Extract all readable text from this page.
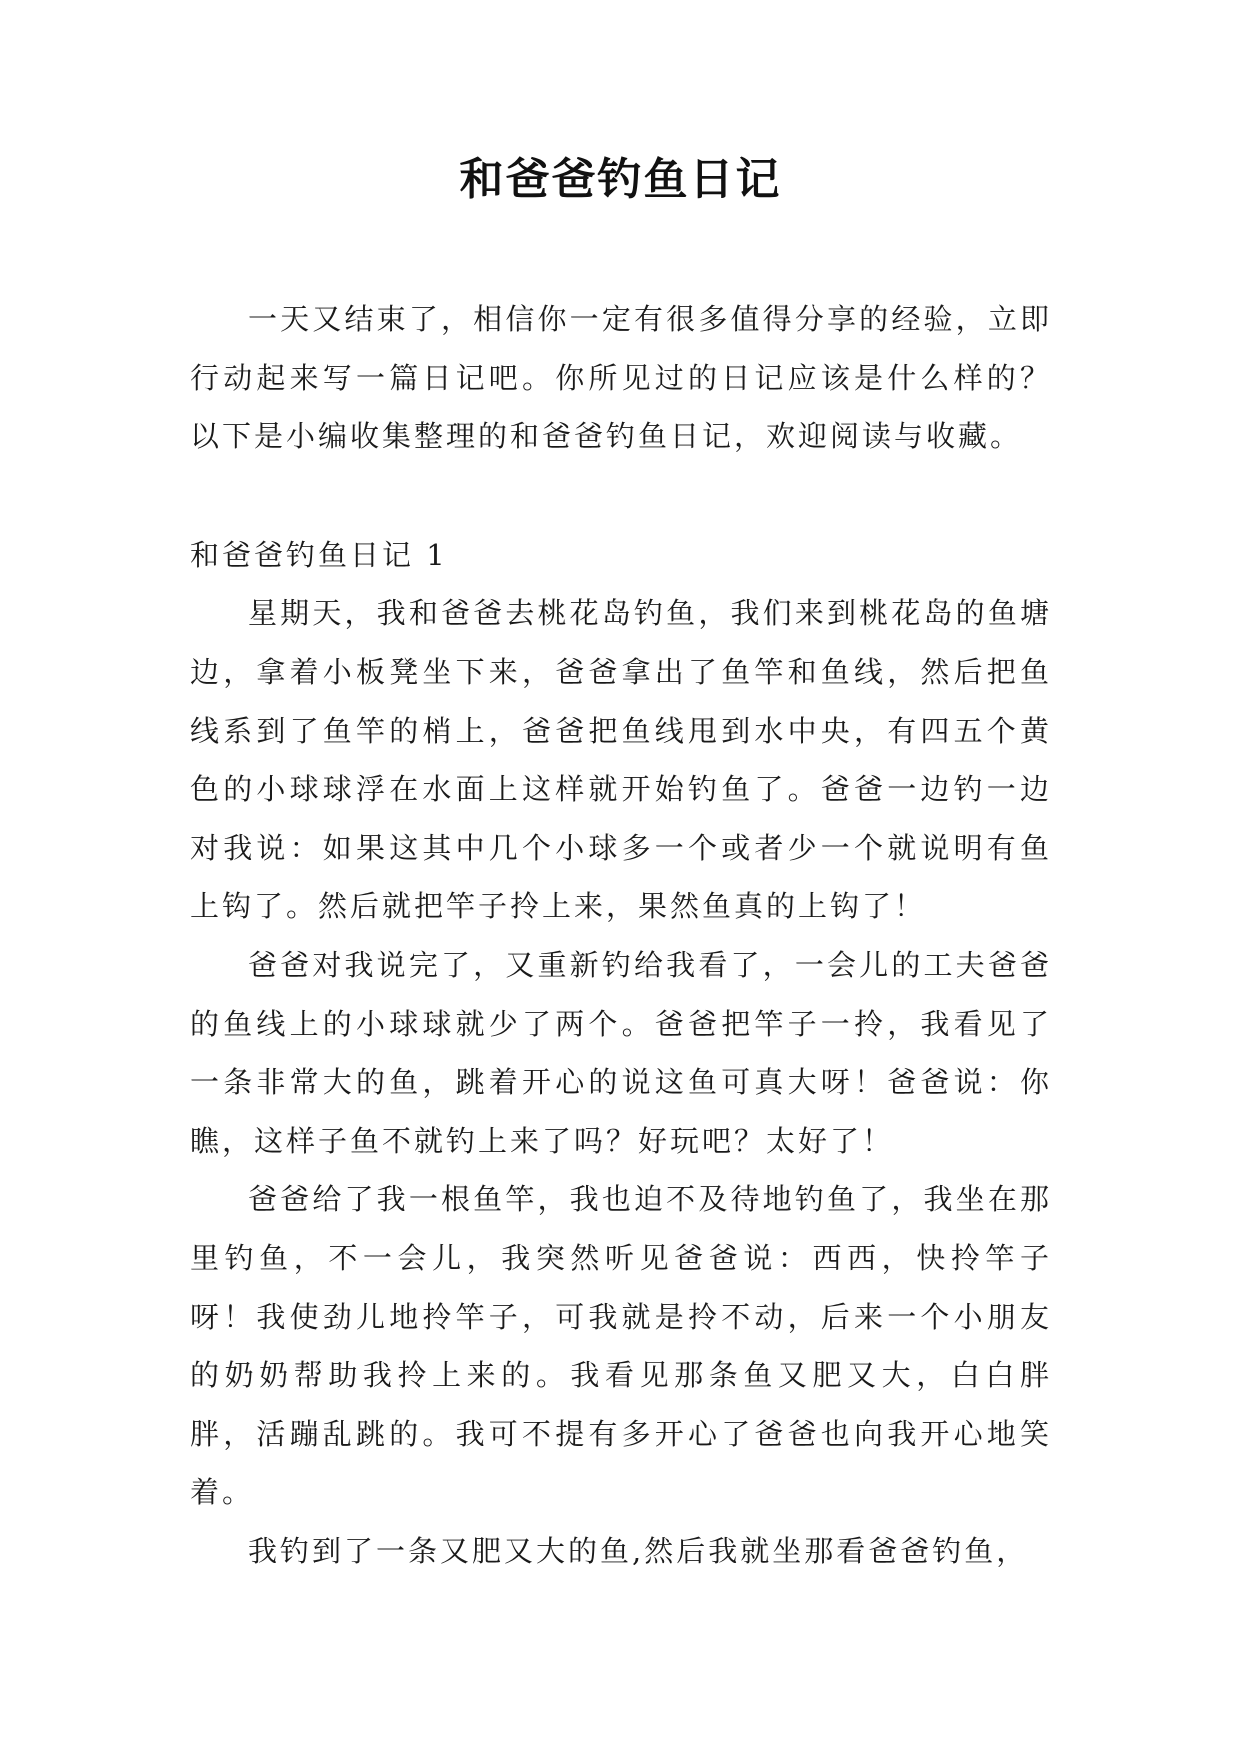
和爸爸钓鱼日记

一天又结束了，相信你一定有很多值得分享的经验，立即行动起来写一篇日记吧。你所见过的日记应该是什么样的？以下是小编收集整理的和爸爸钓鱼日记，欢迎阅读与收藏。

和爸爸钓鱼日记 1

星期天，我和爸爸去桃花岛钓鱼，我们来到桃花岛的鱼塘边，拿着小板凳坐下来，爸爸拿出了鱼竿和鱼线，然后把鱼线系到了鱼竿的梢上，爸爸把鱼线甩到水中央，有四五个黄色的小球球浮在水面上这样就开始钓鱼了。爸爸一边钓一边对我说：如果这其中几个小球多一个或者少一个就说明有鱼上钩了。然后就把竿子拎上来，果然鱼真的上钩了！

爸爸对我说完了，又重新钓给我看了，一会儿的工夫爸爸的鱼线上的小球球就少了两个。爸爸把竿子一拎，我看见了一条非常大的鱼，跳着开心的说这鱼可真大呀！爸爸说：你瞧，这样子鱼不就钓上来了吗？好玩吧？太好了！

爸爸给了我一根鱼竿，我也迫不及待地钓鱼了，我坐在那里钓鱼，不一会儿，我突然听见爸爸说：西西，快拎竿子呀！我使劲儿地拎竿子，可我就是拎不动，后来一个小朋友的奶奶帮助我拎上来的。我看见那条鱼又肥又大，白白胖胖，活蹦乱跳的。我可不提有多开心了爸爸也向我开心地笑着。

我钓到了一条又肥又大的鱼,然后我就坐那看爸爸钓鱼，
